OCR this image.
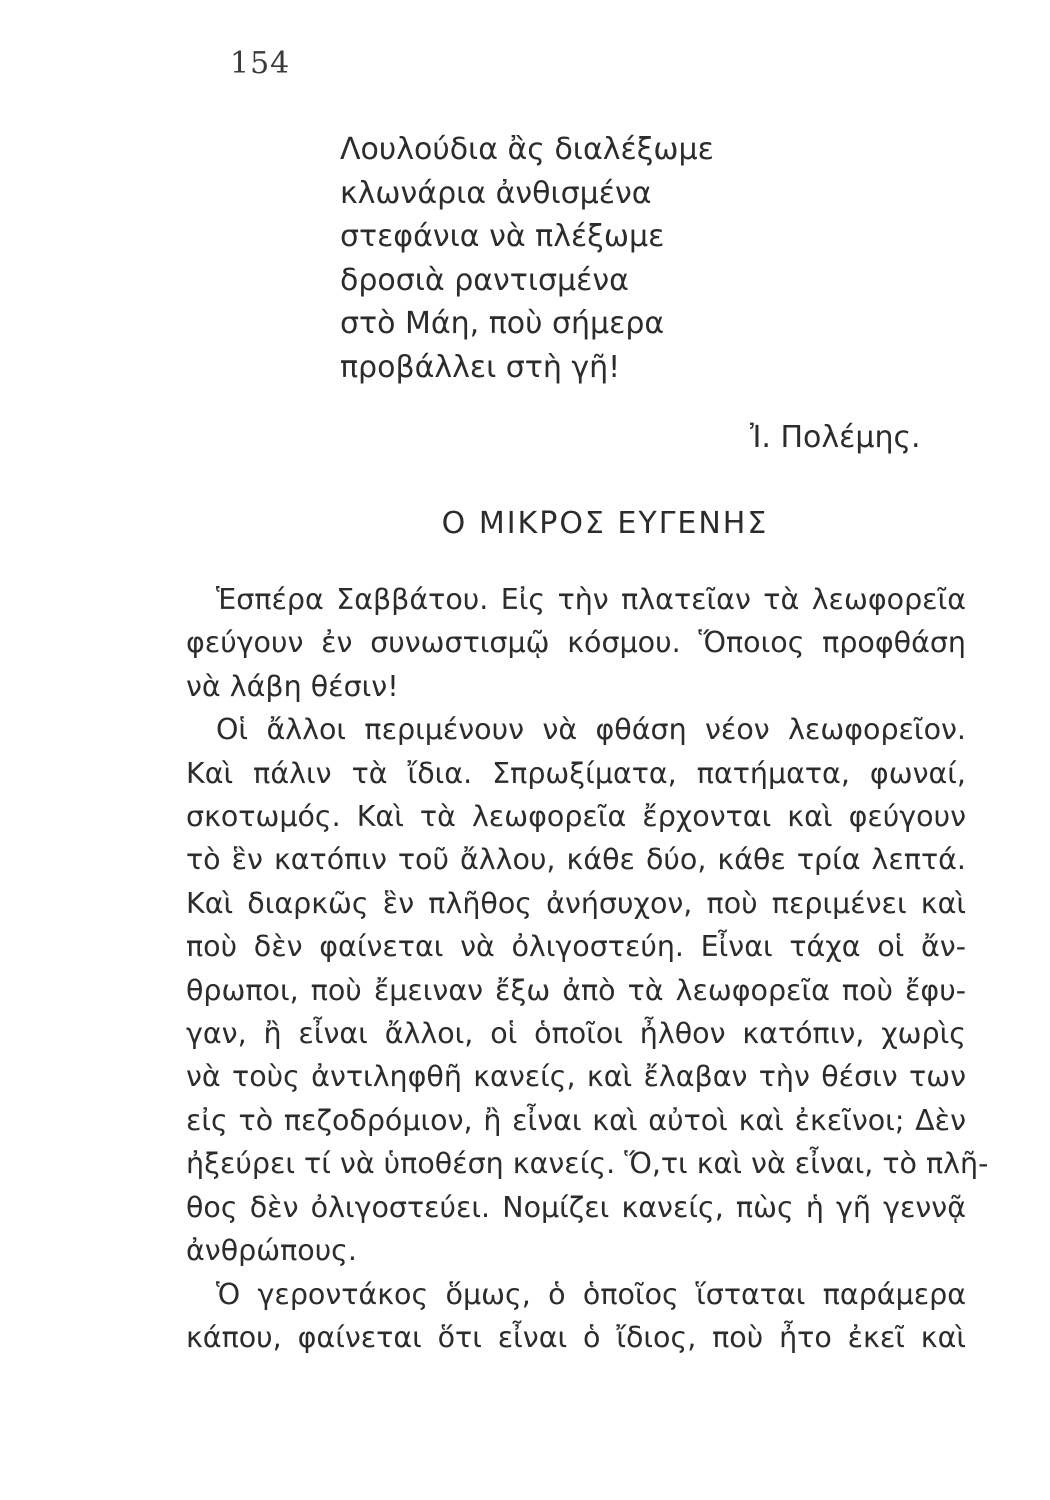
154
Λουλούδια ἂς διαλέξωμε
κλωνάρια ἀνθισμένα
στεφάνια νὰ πλέξωμε
δροσιὰ ραντισμένα
στὸ Μάη, ποὺ σήμερα
προβάλλει στὴ γῆ!
Ἰ. Πολέμης.
Ο ΜΙΚΡΟΣ ΕΥΓΕΝΗΣ
Ἑσπέρα Σαββάτου. Εἰς τὴν πλατεῖαν τὰ λεωφορεῖα
φεύγουν ἐν συνωστισμῷ κόσμου. Ὅποιος προφθάση
νὰ λάβη θέσιν!
Οἱ ἄλλοι περιμένουν νὰ φθάση νέον λεωφορεῖον.
Καὶ πάλιν τὰ ἴδια. Σπρωξίματα, πατήματα, φωναί,
σκοτωμός. Καὶ τὰ λεωφορεῖα ἔρχονται καὶ φεύγουν
τὸ ἓν κατόπιν τοῦ ἄλλου, κάθε δύο, κάθε τρία λεπτά.
Καὶ διαρκῶς ἓν πλῆθος ἀνήσυχον, ποὺ περιμένει καὶ
ποὺ δὲν φαίνεται νὰ ὀλιγοστεύη. Εἶναι τάχα οἱ ἄν-
θρωποι, ποὺ ἔμειναν ἔξω ἀπὸ τὰ λεωφορεῖα ποὺ ἔφυ-
γαν, ἢ εἶναι ἄλλοι, οἱ ὁποῖοι ἦλθον κατόπιν, χωρὶς
νὰ τοὺς ἀντιληφθῆ κανείς, καὶ ἔλαβαν τὴν θέσιν των
εἰς τὸ πεζοδρόμιον, ἢ εἶναι καὶ αὐτοὶ καὶ ἐκεῖνοι; Δὲν
ἠξεύρει τί νὰ ὑποθέση κανείς. Ὅ,τι καὶ νὰ εἶναι, τὸ πλῆ-
θος δὲν ὀλιγοστεύει. Νομίζει κανείς, πὼς ἡ γῆ γεννᾷ
ἀνθρώπους.
Ὁ γεροντάκος ὅμως, ὁ ὁποῖος ἵσταται παράμερα
κάπου, φαίνεται ὅτι εἶναι ὁ ἴδιος, ποὺ ἦτο ἐκεῖ καὶ
